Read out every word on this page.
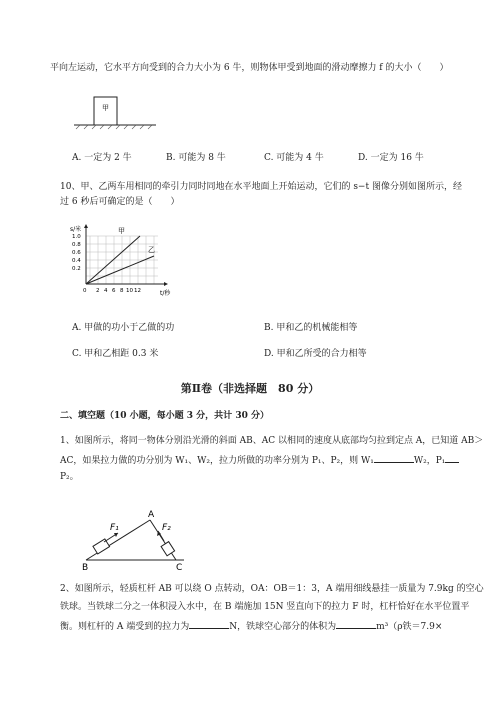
平向左运动，它水平方向受到的合力大小为 6 牛，则物体甲受到地面的滑动摩擦力 f 的大小（　　）
甲
A. 一定为 2 牛	B. 可能为 8 牛	C. 可能为 4 牛	D. 一定为 16 牛
10、甲、乙两车用相同的牵引力同时同地在水平地面上开始运动，它们的 s−t 图像分别如图所示，经
过 6 秒后可确定的是（　　）
甲
乙
s/米
t/秒
1.0
0.8
0.6
0.4
0.2
0 2 4 6 8 10 12
A. 甲做的功小于乙做的功	B. 甲和乙的机械能相等
C. 甲和乙相距 0.3 米	D. 甲和乙所受的合力相等
第Ⅱ卷（非选择题　80 分）
二、填空题（10 小题，每小题 3 分，共计 30 分）
1、如图所示，将同一物体分别沿光滑的斜面 AB、AC 以相同的速度从底部均匀拉到定点 A，已知道 AB＞
AC，如果拉力做的功分别为 W₁、W₂，拉力所做的功率分别为 P₁、P₂，则 W₁	W₂，P₁
P₂。
A
B	C
F₁	F₂
2、如图所示，轻质杠杆 AB 可以绕 O 点转动，OA：OB＝1：3，A 端用细线悬挂一质量为 7.9kg 的空心
铁球。当铁球二分之一体积浸入水中，在 B 端施加 15N 竖直向下的拉力 F 时，杠杆恰好在水平位置平
衡。则杠杆的 A 端受到的拉力为	N，铁球空心部分的体积为	m³（ρ铁＝7.9×
